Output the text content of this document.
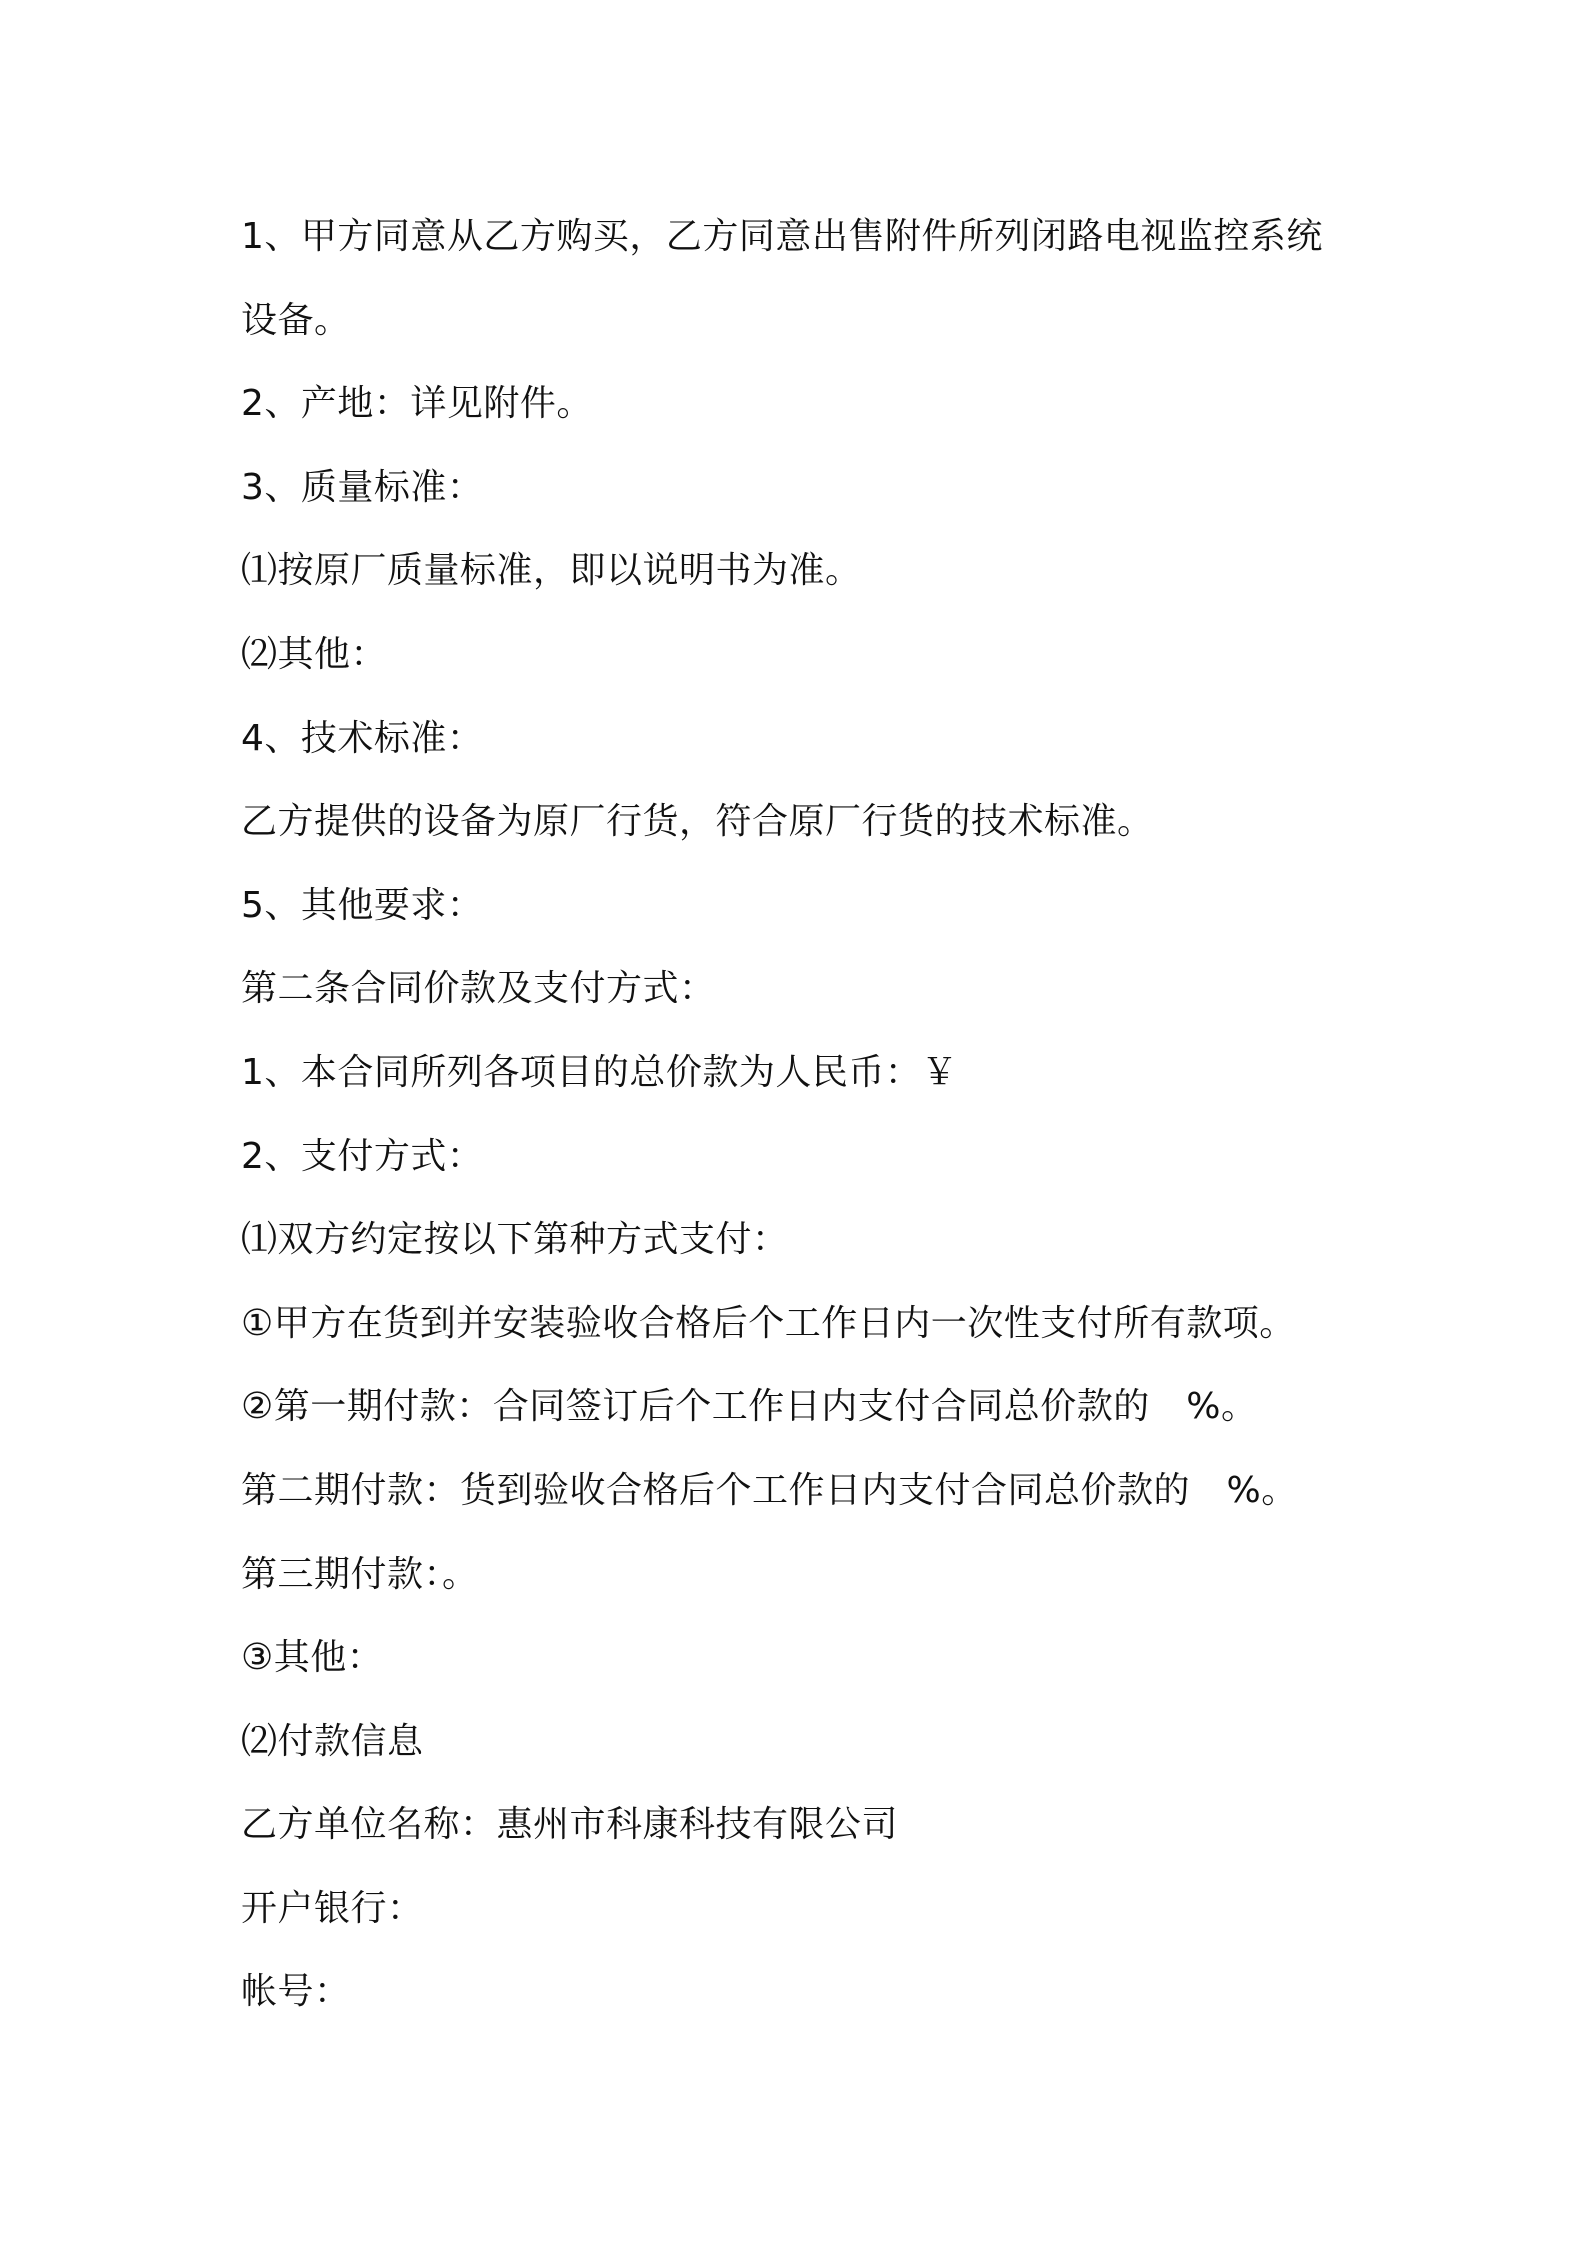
1、甲方同意从乙方购买，乙方同意出售附件所列闭路电视监控系统
设备。
2、产地：详见附件。
3、质量标准：
⑴按原厂质量标准，即以说明书为准。
⑵其他：
4、技术标准：
乙方提供的设备为原厂行货，符合原厂行货的技术标准。
5、其他要求：
第二条合同价款及支付方式：
1、本合同所列各项目的总价款为人民币：￥
2、支付方式：
⑴双方约定按以下第种方式支付：
①甲方在货到并安装验收合格后个工作日内一次性支付所有款项。
②第一期付款：合同签订后个工作日内支付合同总价款的　%。
第二期付款：货到验收合格后个工作日内支付合同总价款的　%。
第三期付款：。
③其他：
⑵付款信息
乙方单位名称：惠州市科康科技有限公司
开户银行：
帐号：
